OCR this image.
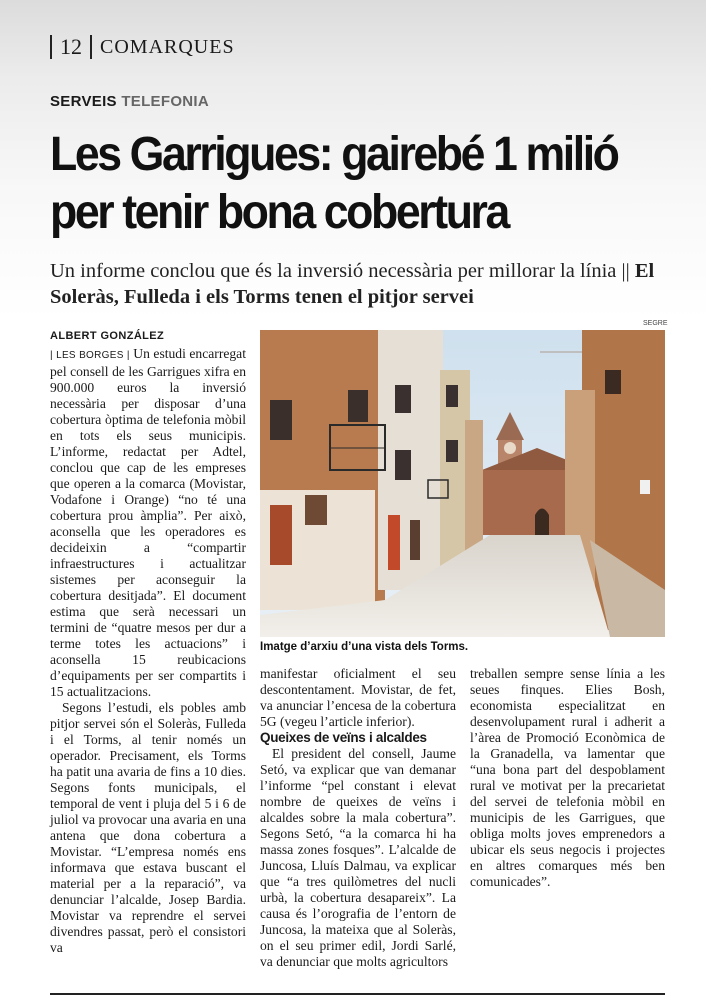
12 COMARQUES
SERVEIS TELEFONIA
Les Garrigues: gairebé 1 milió
per tenir bona cobertura
Un informe conclou que és la inversió necessària per millorar la línia || El Soleràs, Fulleda i els Torms tenen el pitjor servei
SEGRE
ALBERT GONZÁLEZ

| LES BORGES | Un estudi encarregat pel consell de les Garrigues xifra en 900.000 euros la inversió necessària per disposar d’una cobertura òptima de telefonia mòbil en tots els seus municipis. L’informe, redactat per Adtel, conclou que cap de les empreses que operen a la comarca (Movistar, Vodafone i Orange) “no té una cobertura prou àmplia”. Per això, aconsella que les operadores es decideixin a “compartir infraestructures i actualitzar sistemes per aconseguir la cobertura desitjada”. El document estima que serà necessari un termini de “quatre mesos per dur a terme totes les actuacions” i aconsella 15 reubicacions d’equipaments per ser compartits i 15 actualitzacions.

Segons l’estudi, els pobles amb pitjor servei són el Soleràs, Fulleda i el Torms, al tenir només un operador. Precisament, els Torms ha patit una avaria de fins a 10 dies. Segons fonts municipals, el temporal de vent i pluja del 5 i 6 de juliol va provocar una avaria en una antena que dona cobertura a Movistar. “L’empresa només ens informava que estava buscant el material per a la reparació”, va denunciar l’alcalde, Josep Bardia. Movistar va reprendre el servei divendres passat, però el consistori va

Imatge d’arxiu d’una vista dels Torms.

manifestar oficialment el seu descontentament. Movistar, de fet, va anunciar l’encesa de la cobertura 5G (vegeu l’article inferior).

Queixes de veïns i alcaldes

El president del consell, Jaume Setó, va explicar que van demanar l’informe “pel constant i elevat nombre de queixes de veïns i alcaldes sobre la mala cobertura”. Segons Setó, “a la comarca hi ha massa zones fosques”. L’alcalde de Juncosa, Lluís Dalmau, va explicar que “a tres quilòmetres del nucli urbà, la cobertura desapareix”. La causa és l’orografia de l’entorn de Juncosa, la mateixa que al Soleràs, on el seu primer edil, Jordi Sarlé, va denunciar que molts agricultors

treballen sempre sense línia a les seues finques. Elies Bosh, economista especialitzat en desenvolupament rural i adherit a l’àrea de Promoció Econòmica de la Granadella, va lamentar que “una bona part del despoblament rural ve motivat per la precarietat del servei de telefonia mòbil en municipis de les Garrigues, que obliga molts joves emprenedors a ubicar els seus negocis i projectes en altres comarques més ben comunicades”.
